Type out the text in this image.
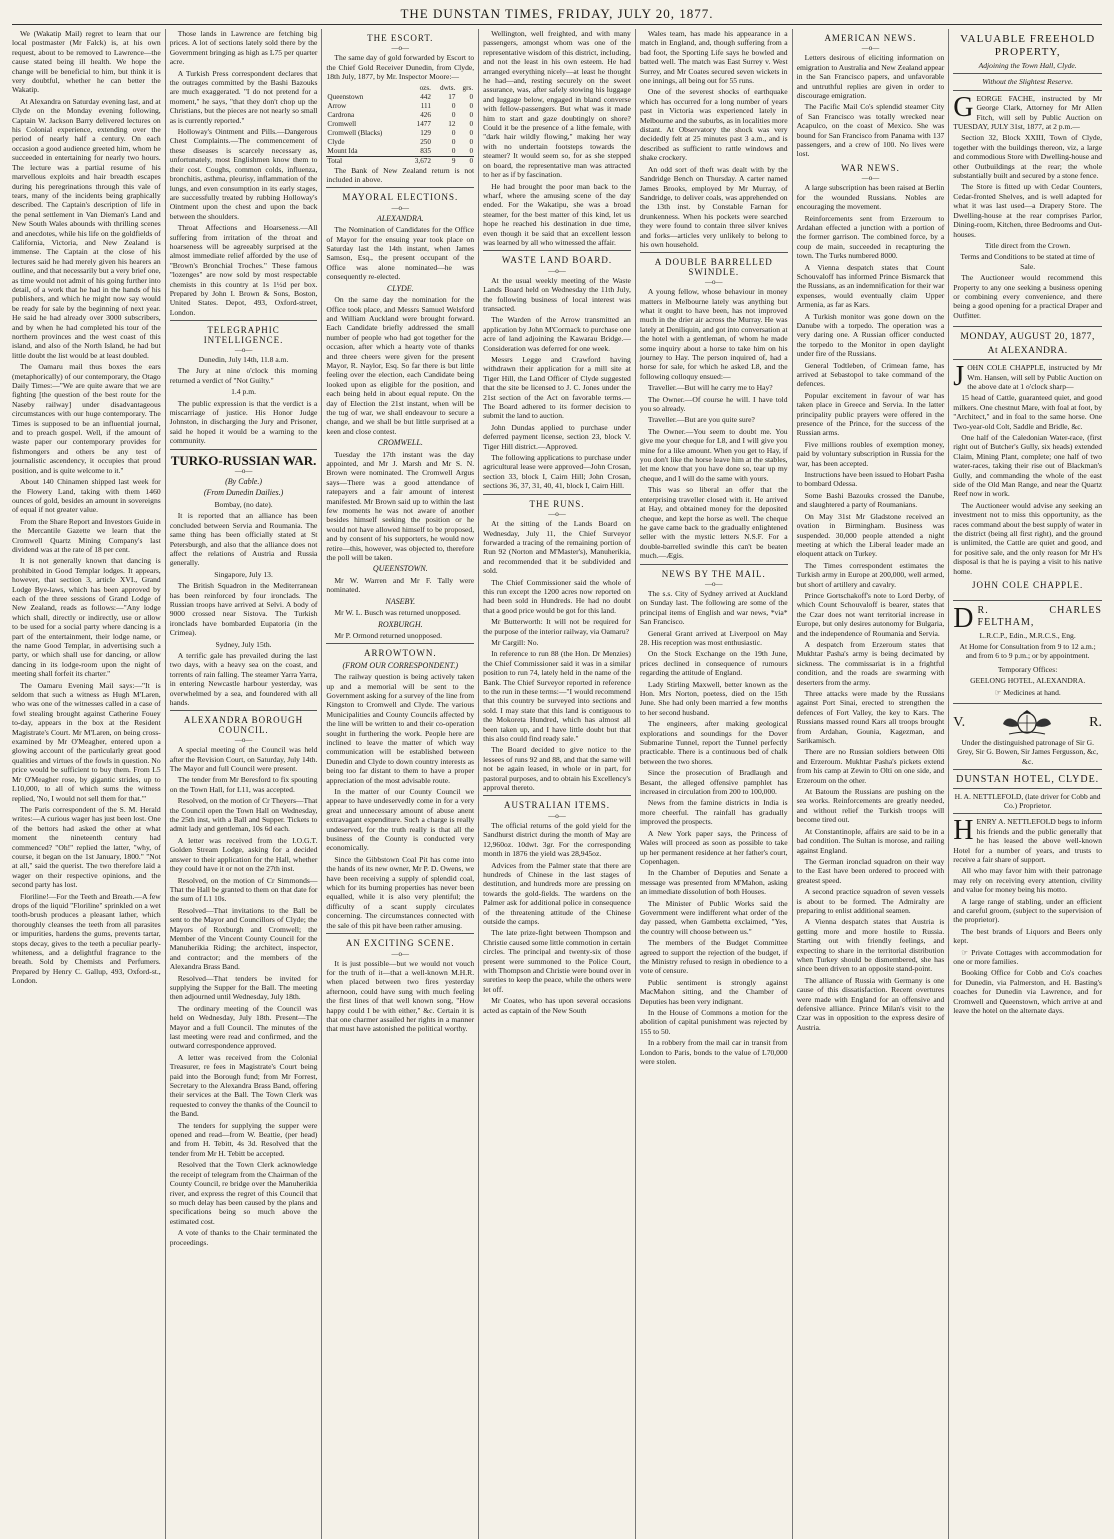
THE DUNSTAN TIMES, FRIDAY, JULY 20, 1877.

We (Wakatip Mail) regret to learn that our local postmaster (Mr Falck) is, at his own request, about to be removed to Lawrence—the cause stated being ill health. We hope the change will be beneficial to him, but think it is very doubtful, whether he can better the Wakatip.

At Alexandra on Saturday evening last, and at Clyde on the Monday evening following, Captain W. Jackson Barry delivered lectures on his Colonial experience, extending over the period of nearly half a century. On each occasion a good audience greeted him, whom he succeeded in entertaining for nearly two hours. The lecture was a partial resume of his marvellous exploits and hair breadth escapes during his peregrinations through this vale of tears, many of the incidents being graphically described. The Captain's description of life in the penal settlement in Van Dieman's Land and New South Wales abounds with thrilling scenes and anecdotes, while his life on the goldfields of California, Victoria, and New Zealand is immense. The Captain at the close of his lectures said he had merely given his hearers an outline, and that necessarily but a very brief one, as time would not admit of his going further into detail, of a work that he had in the hands of his publishers, and which he might now say would be ready for sale by the beginning of next year. He said he had already over 3000 subscribers, and by when he had completed his tour of the northern provinces and the west coast of this island, and also of the North Island, he had but little doubt the list would be at least doubled.

The Oamaru mail thus boxes the ears (metaphorically) of our contemporary, the Otago Daily Times:—"We are quite aware that we are fighting [the question of the best route for the Naseby railway] under disadvantageous circumstances with our huge contemporary. The Times is supposed to be an influential journal, and to preach gospel. Well, if the amount of waste paper our contemporary provides for fishmongers and others be any test of journalistic ascendency, it occupies that proud position, and is quite welcome to it."

About 140 Chinamen shipped last week for the Flowery Land, taking with them 1460 ounces of gold, besides an amount in sovereigns of equal if not greater value.

From the Share Report and Investors Guide in the Mercantile Gazette we learn that the Cromwell Quartz Mining Company's last dividend was at the rate of 18 per cent.

It is not generally known that dancing is prohibited in Good Templar lodges. It appears, however, that section 3, article XVI., Grand Lodge Bye-laws, which has been approved by each of the three sessions of Grand Lodge of New Zealand, reads as follows:—"Any lodge which shall, directly or indirectly, use or allow to be used for a social party where dancing is a part of the entertainment, their lodge name, or the name Good Templar, in advertising such a party, or which shall use for dancing, or allow dancing in its lodge-room upon the night of meeting shall forfeit its charter."

The Oamaru Evening Mail says:—"It is seldom that such a witness as Hugh M'Laren, who was one of the witnesses called in a case of fowl stealing brought against Catherine Fouey to-day, appears in the box at the Resident Magistrate's Court. Mr M'Laren, on being cross-examined by Mr O'Meagher, entered upon a glowing account of the particularly great good qualities and virtues of the fowls in question. No price would be sufficient to buy them. From L5 Mr O'Meagher rose, by gigantic strides, up to L10,000, to all of which sums the witness replied, 'No, I would not sell them for that.'"

The Paris correspondent of the S. M. Herald writes:—A curious wager has just been lost. One of the bettors had asked the other at what moment the nineteenth century had commenced? "Oh!" replied the latter, "why, of course, it began on the 1st January, 1800." "Not at all," said the querist. The two therefore laid a wager on their respective opinions, and the second party has lost.

Floriline!—For the Teeth and Breath.—A few drops of the liquid "Floriline" sprinkled on a wet tooth-brush produces a pleasant lather, which thoroughly cleanses the teeth from all parasites or impurities, hardens the gums, prevents tartar, stops decay, gives to the teeth a peculiar pearly-whiteness, and a delightful fragrance to the breath. Sold by Chemists and Perfumers. Prepared by Henry C. Gallup, 493, Oxford-st., London.

Those lands in Lawrence are fetching big prices. A lot of sections lately sold there by the Government bringing as high as L75 per quarter acre.

A Turkish Press correspondent declares that the outrages committed by the Bashi Bazouks are much exaggerated. "I do not pretend for a moment," he says, "that they don't chop up the Christians, but the pieces are not nearly so small as is currently reported."

Holloway's Ointment and Pills.—Dangerous Chest Complaints.—The commencement of these diseases is scarcely necessary as, unfortunately, most Englishmen know them to their cost. Coughs, common colds, influenza, bronchitis, asthma, pleurisy, inflammation of the lungs, and even consumption in its early stages, are successfully treated by rubbing Holloway's Ointment upon the chest and upon the back between the shoulders.

Throat Affections and Hoarseness.—All suffering from irritation of the throat and hoarseness will be agreeably surprised at the almost immediate relief afforded by the use of "Brown's Bronchial Troches." These famous "lozenges" are now sold by most respectable chemists in this country at 1s 1½d per box. Prepared by John I. Brown & Sons, Boston, United States. Depot, 493, Oxford-street, London.

TELEGRAPHIC INTELLIGENCE.
—o—

Dunedin, July 14th, 11.8 a.m.

The Jury at nine o'clock this morning returned a verdict of "Not Guilty."

1.4 p.m.

The public expression is that the verdict is a miscarriage of justice. His Honor Judge Johnston, in discharging the Jury and Prisoner, said he hoped it would be a warning to the community.

TURKO-RUSSIAN WAR.
—o—
(By Cable.)
(From Dunedin Dailies.)

Bombay, (no date).

It is reported that an alliance has been concluded between Servia and Roumania. The same thing has been officially stated at St Petersburgh, and also that the alliance does not affect the relations of Austria and Russia generally.

Singapore, July 13.

The British Squadron in the Mediterranean has been reinforced by four ironclads. The Russian troops have arrived at Selvi. A body of 9000 crossed near Sistova. The Turkish ironclads have bombarded Eupatoria (in the Crimea).

Sydney, July 15th.

A terrific gale has prevailed during the last two days, with a heavy sea on the coast, and torrents of rain falling. The steamer Yarra Yarra, in entering Newcastle harbour yesterday, was overwhelmed by a sea, and foundered with all hands.

ALEXANDRA BOROUGH COUNCIL.
—o—

A special meeting of the Council was held after the Revision Court, on Saturday, July 14th. The Mayor and full Council were present.

The tender from Mr Beresford to fix spouting on the Town Hall, for L11, was accepted.

Resolved, on the motion of Cr Theyers—That the Council open the Town Hall on Wednesday, the 25th inst, with a Ball and Supper. Tickets to admit lady and gentleman, 10s 6d each.

A letter was received from the I.O.G.T. Golden Stream Lodge, asking for a decided answer to their application for the Hall, whether they could have it or not on the 27th inst.

Resolved, on the motion of Cr Simmonds—That the Hall be granted to them on that date for the sum of L1 10s.

Resolved—That invitations to the Ball be sent to the Mayor and Councillors of Clyde; the Mayors of Roxburgh and Cromwell; the Member of the Vincent County Council for the Manuherikia Riding; the architect, inspector, and contractor; and the members of the Alexandra Brass Band.

Resolved—That tenders be invited for supplying the Supper for the Ball. The meeting then adjourned until Wednesday, July 18th.

The ordinary meeting of the Council was held on Wednesday, July 18th. Present—The Mayor and a full Council. The minutes of the last meeting were read and confirmed, and the outward correspondence approved.

A letter was received from the Colonial Treasurer, re fees in Magistrate's Court being paid into the Borough fund; from Mr Forrest, Secretary to the Alexandra Brass Band, offering their services at the Ball. The Town Clerk was requested to convey the thanks of the Council to the Band.

The tenders for supplying the supper were opened and read—from W. Beattie, (per head) and from H. Tebitt, 4s 3d. Resolved that the tender from Mr H. Tebitt be accepted.

Resolved that the Town Clerk acknowledge the receipt of telegram from the Chairman of the County Council, re bridge over the Manuherikia river, and express the regret of this Council that so much delay has been caused by the plans and specifications being so much above the estimated cost.

A vote of thanks to the Chair terminated the proceedings.

THE ESCORT.
—o—

The same day of gold forwarded by Escort to the Chief Gold Receiver Dunedin, from Clyde, 18th July, 1877, by Mr. Inspector Moore:—

	ozs.	dwts.	grs.
Queenstown	442	17	0
Arrow	111	0	0
Cardrona	426	0	0
Cromwell	1477	12	0
Cromwell (Blacks)	129	0	0
Clyde	250	0	0
Mount Ida	835	0	0
Total	3,672	9	0

The Bank of New Zealand return is not included in above.

MAYORAL ELECTIONS.
—o—
ALEXANDRA.

The Nomination of Candidates for the Office of Mayor for the ensuing year took place on Saturday last the 14th instant, when James Samson, Esq., the present occupant of the Office was alone nominated—he was consequently re-elected.

CLYDE.

On the same day the nomination for the Office took place, and Messrs Samuel Welsford and William Auckland were brought forward. Each Candidate briefly addressed the small number of people who had got together for the occasion, after which a hearty vote of thanks and three cheers were given for the present Mayor, R. Naylor, Esq. So far there is but little feeling over the election, each Candidate being looked upon as eligible for the position, and each being held in about equal repute. On the day of Election the 21st instant, when will be the tug of war, we shall endeavour to secure a change, and we shall be but little surprised at a keen and close contest.

CROMWELL.

Tuesday the 17th instant was the day appointed, and Mr J. Marsh and Mr S. N. Brown were nominated. The Cromwell Argus says—There was a good attendance of ratepayers and a fair amount of interest manifested. Mr Brown said up to within the last few moments he was not aware of another besides himself seeking the position or he would not have allowed himself to be proposed, and by consent of his supporters, he would now retire—this, however, was objected to, therefore the poll will be taken.

QUEENSTOWN.

Mr W. Warren and Mr F. Tally were nominated.

NASEBY.

Mr W. L. Busch was returned unopposed.

ROXBURGH.

Mr P. Ormond returned unopposed.

ARROWTOWN.
(FROM OUR CORRESPONDENT.)

The railway question is being actively taken up and a memorial will be sent to the Government asking for a survey of the line from Kingston to Cromwell and Clyde. The various Municipalities and County Councils affected by the line will be written to and their co-operation sought in furthering the work. People here are inclined to leave the matter of which way communication will be established between Dunedin and Clyde to down country interests as being too far distant to them to have a proper appreciation of the most advisable route.

In the matter of our County Council we appear to have undeservedly come in for a very great and unnecessary amount of abuse anent extravagant expenditure. Such a charge is really undeserved, for the truth really is that all the business of the County is conducted very economically.

Since the Gibbstown Coal Pit has come into the hands of its new owner, Mr P. D. Owens, we have been receiving a supply of splendid coal, which for its burning properties has never been equalled, while it is also very plentiful; the difficulty of a scant supply circulates concerning. The circumstances connected with the sale of this pit have been rather amusing.

AN EXCITING SCENE.
—o—

It is just possible—but we would not vouch for the truth of it—that a well-known M.H.R. when placed between two fires yesterday afternoon, could have sung with much feeling the first lines of that well known song, "How happy could I be with either," &c. Certain it is that one charmer assailed her rights in a manner that must have astonished the political worthy.

Wellington, well freighted, and with many passengers, amongst whom was one of the representative wisdom of this district, including, and not the least in his own esteem. He had arranged everything nicely—at least he thought he had—and, resting securely on the sweet assurance, was, after safely stowing his luggage and luggage below, engaged in bland converse with fellow-passengers. But what was it made him to start and gaze doubtingly on shore? Could it be the presence of a lithe female, with "dark hair wildly flowing," making her way with no undertain footsteps towards the steamer? It would seem so, for as she stepped on board, the representative man was attracted to her as if by fascination.

He had brought the poor man back to the wharf, where the amusing scene of the day ended. For the Wakatipu, she was a broad steamer, for the best matter of this kind, let us hope he reached his destination in due time, even though it be said that an excellent lesson was learned by all who witnessed the affair.

WASTE LAND BOARD.
—o—

At the usual weekly meeting of the Waste Lands Board held on Wednesday the 11th July, the following business of local interest was transacted.

The Warden of the Arrow transmitted an application by John M'Cormack to purchase one acre of land adjoining the Kawarau Bridge.—Consideration was deferred for one week.

Messrs Legge and Crawford having withdrawn their application for a mill site at Tiger Hill, the Land Officer of Clyde suggested that the site be licensed to J. C. Jones under the 21st section of the Act on favorable terms.—The Board adhered to its former decision to submit the land to auction.

John Dundas applied to purchase under deferred payment license, section 23, block V. Tiger Hill district.—Approved.

The following applications to purchase under agricultural lease were approved—John Crosan, section 33, block I, Cairn Hill; John Crosan, sections 36, 37, 31, 40, 41, block I, Cairn Hill.

THE RUNS.
—o—

At the sitting of the Lands Board on Wednesday, July 11, the Chief Surveyor forwarded a tracing of the remaining portion of Run 92 (Norton and M'Master's), Manuherikia, and recommended that it be subdivided and sold.

The Chief Commissioner said the whole of this run except the 1200 acres now reported on had been sold in Hundreds. He had no doubt that a good price would be got for this land.

Mr Butterworth: It will not be required for the purpose of the interior railway, via Oamaru?

Mr Cargill: No.

In reference to run 88 (the Hon. Dr Menzies) the Chief Commissioner said it was in a similar position to run 74, lately held in the name of the Bank. The Chief Surveyor reported in reference to the run in these terms:—"I would recommend that this country be surveyed into sections and sold. I may state that this land is contiguous to the Mokoreta Hundred, which has almost all been taken up, and I have little doubt but that this also could find ready sale."

The Board decided to give notice to the lessees of runs 92 and 88, and that the same will not be again leased, in whole or in part, for pastoral purposes, and to obtain his Excellency's approval thereto.

AUSTRALIAN ITEMS.
—o—

The official returns of the gold yield for the Sandhurst district during the month of May are 12,960oz. 10dwt. 3gr. For the corresponding month in 1876 the yield was 28,945oz.

Advices from the Palmer state that there are hundreds of Chinese in the last stages of destitution, and hundreds more are pressing on towards the gold-fields. The wardens on the Palmer ask for additional police in consequence of the threatening attitude of the Chinese outside the camps.

The late prize-fight between Thompson and Christie caused some little commotion in certain circles. The principal and twenty-six of those present were summoned to the Police Court, with Thompson and Christie were bound over in sureties to keep the peace, while the others were let off.

Mr Coates, who has upon several occasions acted as captain of the New South

Wales team, has made his appearance in a match in England, and, though suffering from a bad foot, the Sporting Life says he bowled and batted well. The match was East Surrey v. West Surrey, and Mr Coates secured seven wickets in one innings, all being out for 55 runs.

One of the severest shocks of earthquake which has occurred for a long number of years past in Victoria was experienced lately in Melbourne and the suburbs, as in localities more distant. At Observatory the shock was very decidedly felt at 25 minutes past 3 a.m., and is described as sufficient to rattle windows and shake crockery.

An odd sort of theft was dealt with by the Sandridge Bench on Thursday. A carter named James Brooks, employed by Mr Murray, of Sandridge, to deliver coals, was apprehended on the 13th inst. by Constable Farnan for drunkenness. When his pockets were searched they were found to contain three silver knives and forks—articles very unlikely to belong to his own household.

A DOUBLE BARRELLED SWINDLE.
—o—

A young fellow, whose behaviour in money matters in Melbourne lately was anything but what it ought to have been, has not improved much in the drier air across the Murray. He was lately at Deniliquin, and got into conversation at the hotel with a gentleman, of whom he made some inquiry about a horse to take him on his journey to Hay. The person inquired of, had a horse for sale, for which he asked L8, and the following colloquy ensued:—

Traveller.—But will he carry me to Hay?

The Owner.—Of course he will. I have told you so already.

Traveller.—But are you quite sure?

The Owner.—You seem to doubt me. You give me your cheque for L8, and I will give you mine for a like amount. When you get to Hay, if you don't like the horse leave him at the stables, let me know that you have done so, tear up my cheque, and I will do the same with yours.

This was so liberal an offer that the enterprising traveller closed with it. He arrived at Hay, and obtained money for the deposited cheque, and kept the horse as well. The cheque he gave came back to the gradually enlightened seller with the mystic letters N.S.F. For a double-barrelled swindle this can't be beaten much.—Ægis.

NEWS BY THE MAIL.
—o—

The s.s. City of Sydney arrived at Auckland on Sunday last. The following are some of the principal items of English and war news, *via* San Francisco.

General Grant arrived at Liverpool on May 28. His reception was most enthusiastic.

On the Stock Exchange on the 19th June, prices declined in consequence of rumours regarding the attitude of England.

Lady Stirling Maxwell, better known as the Hon. Mrs Norton, poetess, died on the 15th June. She had only been married a few months to her second husband.

The engineers, after making geological explorations and soundings for the Dover Submarine Tunnel, report the Tunnel perfectly practicable. There is a continuous bed of chalk between the two shores.

Since the prosecution of Bradlaugh and Besant, the alleged offensive pamphlet has increased in circulation from 200 to 100,000.

News from the famine districts in India is more cheerful. The rainfall has gradually improved the prospects.

A New York paper says, the Princess of Wales will proceed as soon as possible to take up her permanent residence at her father's court, Copenhagen.

In the Chamber of Deputies and Senate a message was presented from M'Mahon, asking an immediate dissolution of both Houses.

The Minister of Public Works said the Government were indifferent what order of the day passed, when Gambetta exclaimed, "Yes, the country will choose between us."

The members of the Budget Committee agreed to support the rejection of the budget, if the Ministry refused to resign in obedience to a vote of censure.

Public sentiment is strongly against MacMahon sitting, and the Chamber of Deputies has been very indignant.

In the House of Commons a motion for the abolition of capital punishment was rejected by 155 to 50.

In a robbery from the mail car in transit from London to Paris, bonds to the value of L70,000 were stolen.

AMERICAN NEWS.
—o—

Letters desirous of eliciting information on emigration to Australia and New Zealand appear in the San Francisco papers, and unfavorable and untruthful replies are given in order to discourage emigration.

The Pacific Mail Co's splendid steamer City of San Francisco was totally wrecked near Acapulco, on the coast of Mexico. She was bound for San Francisco from Panama with 137 passengers, and a crew of 100. No lives were lost.

WAR NEWS.
—o—

A large subscription has been raised at Berlin for the wounded Russians. Nobles are encouraging the movement.

Reinforcements sent from Erzeroum to Ardahan effected a junction with a portion of the former garrison. The combined force, by a coup de main, succeeded in recapturing the town. The Turks numbered 8000.

A Vienna despatch states that Count Schouvaloff has informed Prince Bismarck that the Russians, as an indemnification for their war expenses, would eventually claim Upper Armenia, as far as Kars.

A Turkish monitor was gone down on the Danube with a torpedo. The operation was a very daring one. A Russian officer conducted the torpedo to the Monitor in open daylight under fire of the Russians.

General Todtleben, of Crimean fame, has arrived at Sebastopol to take command of the defences.

Popular excitement in favour of war has taken place in Greece and Servia. In the latter principality public prayers were offered in the presence of the Prince, for the success of the Russian arms.

Five millions roubles of exemption money, paid by voluntary subscription in Russia for the war, has been accepted.

Instructions have been issued to Hobart Pasha to bombard Odessa.

Some Bashi Bazouks crossed the Danube, and slaughtered a party of Roumanians.

On May 31st Mr Gladstone received an ovation in Birmingham. Business was suspended. 30,000 people attended a night meeting at which the Liberal leader made an eloquent attack on Turkey.

The Times correspondent estimates the Turkish army in Europe at 200,000, well armed, but short of artillery and cavalry.

Prince Gortschakoff's note to Lord Derby, of which Count Schouvaloff is bearer, states that the Czar does not want territorial increase in Europe, but only desires autonomy for Bulgaria, and the independence of Roumania and Servia.

A despatch from Erzeroum states that Mukhtar Pasha's army is being decimated by sickness. The commissariat is in a frightful condition, and the roads are swarming with deserters from the army.

Three attacks were made by the Russians against Port Sinai, erected to strengthen the defences of Fort Valley, the key to Kars. The Russians massed round Kars all troops brought from Ardahan, Gounia, Kagezman, and Sarikamisch.

There are no Russian soldiers between Olti and Erzeroum. Mukhtar Pasha's pickets extend from his camp at Zewin to Olti on one side, and Erzeroum on the other.

At Batoum the Russians are pushing on the sea works. Reinforcements are greatly needed, and without relief the Turkish troops will become tired out.

At Constantinople, affairs are said to be in a bad condition. The Sultan is morose, and railing against England.

The German ironclad squadron on their way to the East have been ordered to proceed with greatest speed.

A second practice squadron of seven vessels is about to be formed. The Admiralty are preparing to enlist additional seamen.

A Vienna despatch states that Austria is getting more and more hostile to Russia. Starting out with friendly feelings, and expecting to share in the territorial distribution when Turkey should be dismembered, she has since been driven to an opposite stand-point.

The alliance of Russia with Germany is one cause of this dissatisfaction. Recent overtures were made with England for an offensive and defensive alliance. Prince Milan's visit to the Czar was in opposition to the express desire of Austria.

VALUABLE FREEHOLD PROPERTY,
Adjoining the Town Hall, Clyde.
Without the Slightest Reserve.

GEORGE FACHE, instructed by Mr George Clark, Attorney for Mr Allen Fitch, will sell by Public Auction on TUESDAY, JULY 31st, 1877, at 2 p.m.—

Section 32, Block XXIII, Town of Clyde, together with the buildings thereon, viz, a large and commodious Store with Dwelling-house and other Outbuildings at the rear; the whole substantially built and secured by a stone fence.

The Store is fitted up with Cedar Counters, Cedar-fronted Shelves, and is well adapted for what it was last used—a Drapery Store. The Dwelling-house at the rear comprises Parlor, Dining-room, Kitchen, three Bedrooms and Out-houses.

Title direct from the Crown.

Terms and Conditions to be stated at time of Sale.

The Auctioneer would recommend this Property to any one seeking a business opening or combining every convenience, and there being a good opening for a practical Draper and Outfitter.

MONDAY, AUGUST 20, 1877,
At ALEXANDRA.

JOHN COLE CHAPPLE, instructed by Mr Wm. Hansen, will sell by Public Auction on the above date at 1 o'clock sharp—

15 head of Cattle, guaranteed quiet, and good milkers. One chestnut Mare, with foal at foot, by "Architect," and in foal to the same horse. One Two-year-old Colt, Saddle and Bridle, &c.

One half of the Caledonian Water-race, (first right out of Butcher's Gully, six heads) extended Claim, Mining Plant, complete; one half of two water-races, taking their rise out of Blackman's Gully, and commanding the whole of the east side of the Old Man Range, and near the Quartz Reef now in work.

The Auctioneer would advise any seeking an investment not to miss this opportunity, as the races command about the best supply of water in the district (being all first right), and the ground is unlimited, the Cattle are quiet and good, and for positive sale, and the only reason for Mr H's disposal is that he is paying a visit to his native home.

JOHN COLE CHAPPLE.

D R. CHARLES FELTHAM,

L.R.C.P., Edin., M.R.C.S., Eng.

At Home for Consultation from 9 to 12 a.m.; and from 6 to 9 p.m.; or by appointment.

Temporary Offices:

GEELONG HOTEL, ALEXANDRA.

☞ Medicines at hand.

V.	R.

Under the distinguished patronage of Sir G. Grey, Sir G. Bowen, Sir James Fergusson, &c, &c.

DUNSTAN HOTEL, CLYDE.

H. A. NETTLEFOLD, (late driver for Cobb and Co.) Proprietor.

HENRY A. NETTLEFOLD begs to inform his friends and the public generally that he has leased the above well-known Hotel for a number of years, and trusts to receive a fair share of support.

All who may favor him with their patronage may rely on receiving every attention, civility and value for money being his motto.

A large range of stabling, under an efficient and careful groom, (subject to the supervision of the proprietor).

The best brands of Liquors and Beers only kept.

☞ Private Cottages with accommodation for one or more families.

Booking Office for Cobb and Co's coaches for Dunedin, via Palmerston, and H. Basting's coaches for Dunedin via Lawrence, and for Cromwell and Queenstown, which arrive at and leave the hotel on the alternate days.
